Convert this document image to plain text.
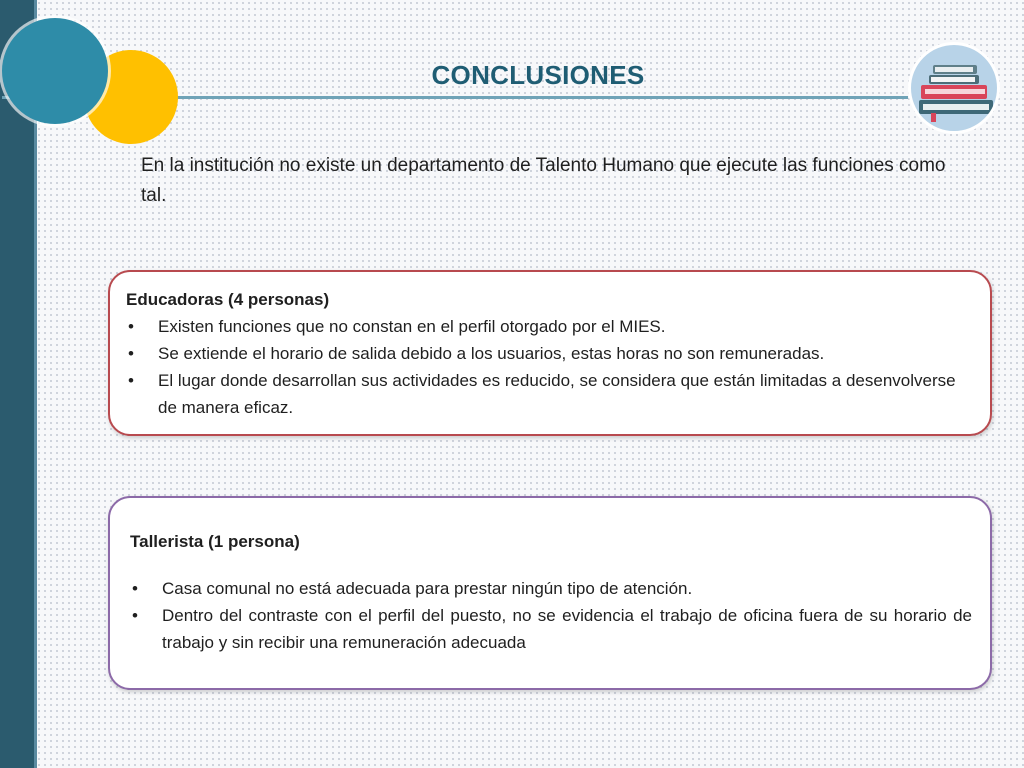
CONCLUSIONES

En la institución no existe un departamento de Talento Humano que ejecute las funciones como tal.

Educadoras (4 personas)
• Existen funciones que no constan en el perfil otorgado por el MIES.
• Se extiende el horario de salida debido a los usuarios, estas horas no son remuneradas.
• El lugar donde desarrollan sus actividades es reducido, se considera que están limitadas a desenvolverse de manera eficaz.
Tallerista (1 persona)
• Casa comunal no está adecuada para prestar ningún tipo de atención.
• Dentro del contraste con el perfil del puesto, no se evidencia el trabajo de oficina fuera de su horario de trabajo y sin recibir una remuneración adecuada
